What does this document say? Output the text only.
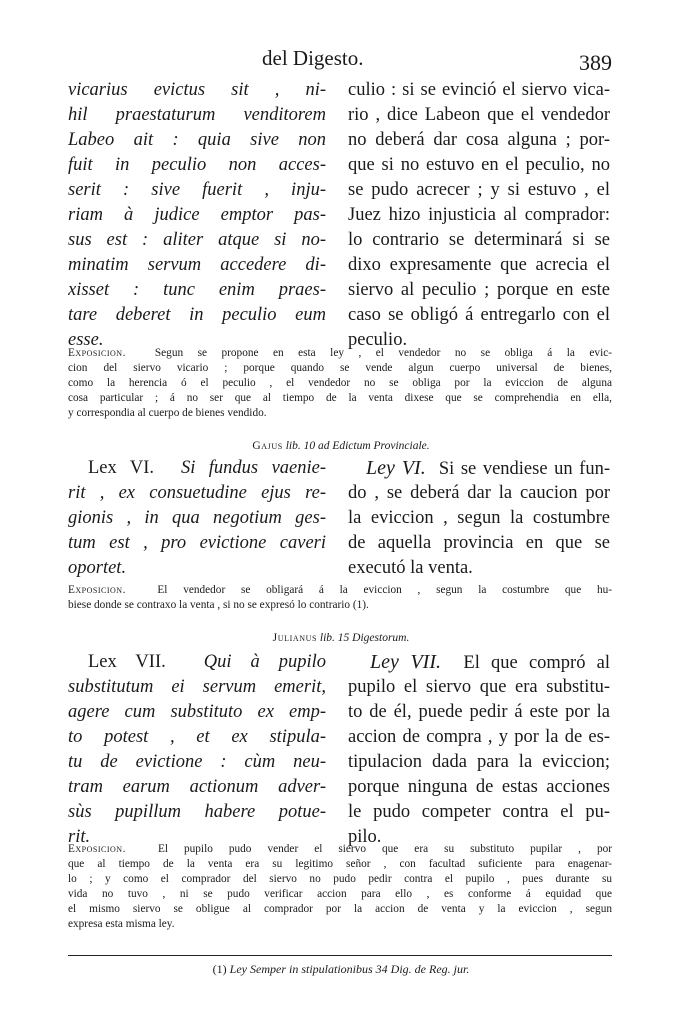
del Digesto.	389
vicarius evictus sit , ni-
hil praestaturum venditorem
Labeo ait : quia sive non
fuit in peculio non acces-
serit : sive fuerit , inju-
riam à judice emptor pas-
sus est : aliter atque si no-
minatim servum accedere di-
xisset : tunc enim praes-
tare deberet in peculio eum
esse.
culio : si se evinció el siervo vica-
rio , dice Labeon que el vendedor
no deberá dar cosa alguna ; por-
que si no estuvo en el peculio, no
se pudo acrecer ; y si estuvo , el
Juez hizo injusticia al comprador:
lo contrario se determinará si se
dixo expresamente que acrecia el
siervo al peculio ; porque en este
caso se obligó á entregarlo con el
peculio.
Exposicion.	Segun se propone en esta ley , el vendedor no se obliga á la evic-
cion del siervo vicario ; porque quando se vende algun cuerpo universal de bienes,
como la herencia ó el peculio , el vendedor no se obliga por la eviccion de alguna
cosa particular ; á no ser que al tiempo de la venta dixese que se comprehendia en ella,
y correspondia al cuerpo de bienes vendido.
Gajus lib. 10 ad Edictum Provinciale.
Lex VI. Si fundus vaenie-
rit , ex consuetudine ejus re-
gionis , in qua negotium ges-
tum est , pro evictione caveri
oportet.
Ley VI. Si se vendiese un fun-
do , se deberá dar la caucion por
la eviccion , segun la costumbre
de aquella provincia en que se
executó la venta.
Exposicion.	El vendedor se obligará á la eviccion , segun la costumbre que hu-
biese donde se contraxo la venta , si no se expresó lo contrario (1).
Julianus lib. 15 Digestorum.
Lex VII. Qui à pupilo
substitutum ei servum emerit,
agere cum substituto ex emp-
to potest , et ex stipula-
tu de evictione : cùm neu-
tram earum actionum adver-
sùs pupillum habere potue-
rit.
Ley VII. El que compró al
pupilo el siervo que era substitu-
to de él, puede pedir á este por la
accion de compra , y por la de es-
tipulacion dada para la eviccion;
porque ninguna de estas acciones
le pudo competer contra el pu-
pilo.
Exposicion.	El pupilo pudo vender el siervo que era su substituto pupilar , por
que al tiempo de la venta era su legitimo señor , con facultad suficiente para enagenar-
lo ; y como el comprador del siervo no pudo pedir contra el pupilo , pues durante su
vida no tuvo , ni se pudo verificar accion para ello , es conforme á equidad que
el mismo siervo se obligue al comprador por la accion de venta y la eviccion , segun
expresa esta misma ley.
(1) Ley Semper in stipulationibus 34 Dig. de Reg. jur.
